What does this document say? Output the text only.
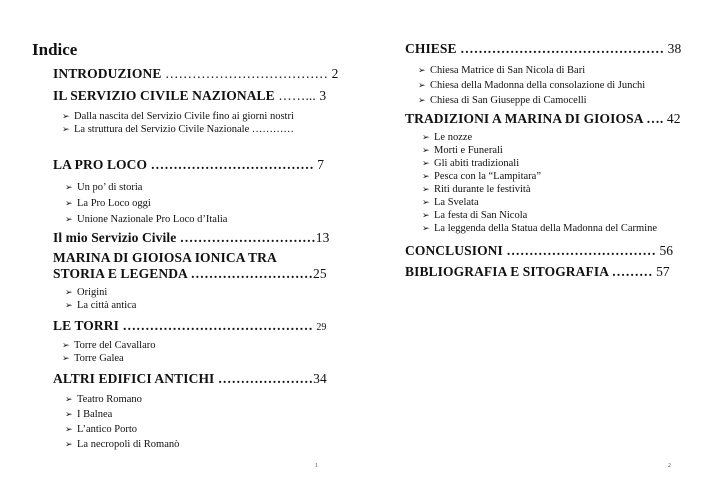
Indice
INTRODUZIONE ……………………………… 2
IL SERVIZIO CIVILE NAZIONALE ……... 3
➢ Dalla nascita del Servizio Civile fino ai giorni nostri
➢ La struttura del Servizio Civile Nazionale …………
LA PRO LOCO ……………………………… 7
➢ Un po’ di storia
➢ La Pro Loco oggi
➢ Unione Nazionale Pro Loco d’Italia
Il mio Servizio Civile …………………………13
MARINA DI GIOIOSA IONICA TRA
STORIA E LEGENDA ………………………25
➢ Origini
➢ La città antica
LE TORRI …………………………………… 29
➢ Torre del Cavallaro
➢ Torre Galea
ALTRI EDIFICI ANTICHI …………………34
➢ Teatro Romano
➢ I Balnea
➢ L’antico Porto
➢ La necropoli di Romanò
1
CHIESE ……………………………………… 38
➢ Chiesa Matrice di San Nicola di Bari
➢ Chiesa della Madonna della consolazione di Junchi
➢ Chiesa di San Giuseppe di Camocelli
TRADIZIONI A MARINA DI GIOIOSA …. 42
➢ Le nozze
➢ Morti e Funerali
➢ Gli abiti tradizionali
➢ Pesca con la “Lampitara”
➢ Riti durante le festività
➢ La Svelata
➢ La festa di San Nicola
➢ La leggenda della Statua della Madonna del Carmine
CONCLUSIONI …………………………… 56
BIBLIOGRAFIA E SITOGRAFIA ……… 57
2
